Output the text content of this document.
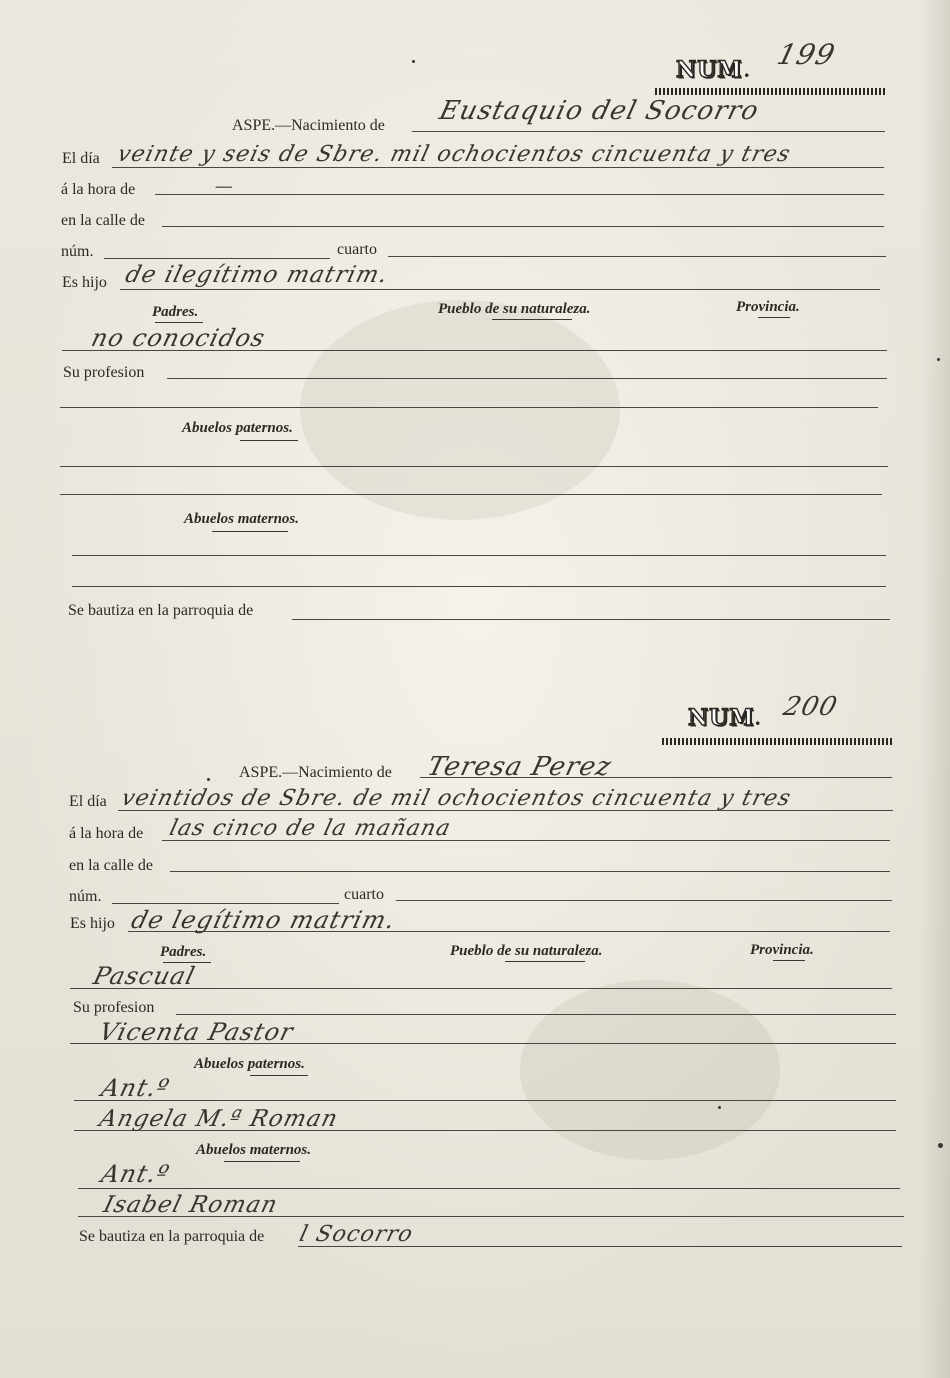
NUM . 199
ASPE.—Nacimiento de Eustaquio del Socorro
El día veinte y seis de Sbre. mil ochocientos cincuenta y tres
á la hora de	—
en la calle de
núm.	cuarto
Es hijo de ilegítimo matrim.
Padres.	Pueblo de su naturaleza.	Provincia.
no conocidos
Su profesion
Abuelos paternos.
Abuelos maternos.
Se bautiza en la parroquia de
NUM . 200
ASPE.—Nacimiento de Teresa Perez
El día veintidos de Sbre. de mil ochocientos cincuenta y tres
á la hora de las cinco de la mañana
en la calle de
núm.	cuarto
Es hijo de legítimo matrim.
Padres.	Pueblo de su naturaleza.	Provincia.
Pascual
Su profesion
Vicenta Pastor
Abuelos paternos.
Ant.º
Angela M.ª Roman
Abuelos maternos.
Ant.º
Isabel Roman
Se bautiza en la parroquia de l Socorro
